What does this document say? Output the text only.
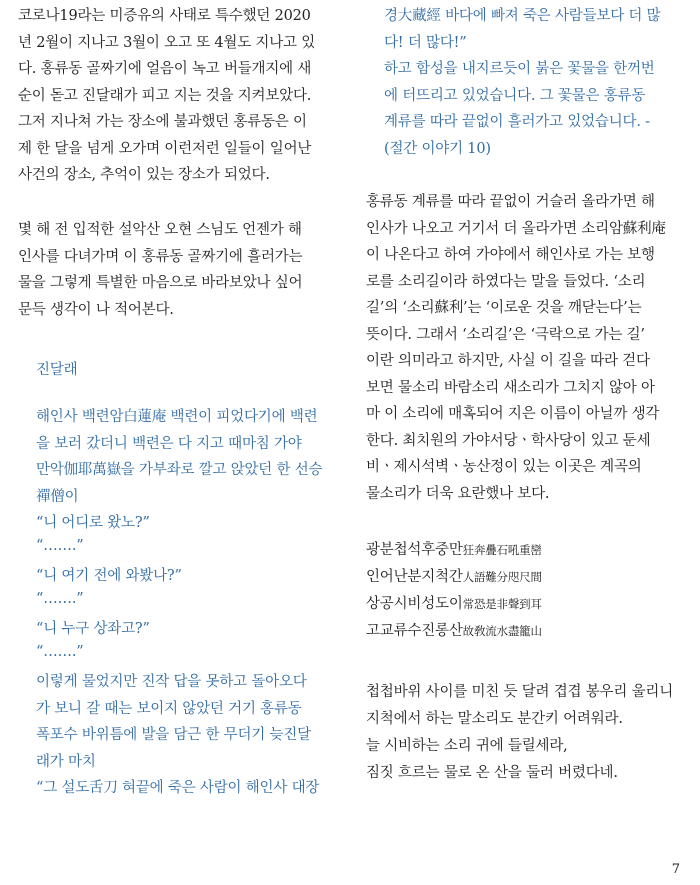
코로나19라는 미증유의 사태로 특수했던 2020
년 2월이 지나고 3월이 오고 또 4월도 지나고 있
다. 홍류동 골짜기에 얼음이 녹고 버들개지에 새
순이 돋고 진달래가 피고 지는 것을 지켜보았다.
그저 지나쳐 가는 장소에 불과했던 홍류동은 이
제 한 달을 넘게 오가며 이런저런 일들이 일어난
사건의 장소, 추억이 있는 장소가 되었다.
몇 해 전 입적한 설악산 오현 스님도 언젠가 해
인사를 다녀가며 이 홍류동 골짜기에 흘러가는
물을 그렇게 특별한 마음으로 바라보았나 싶어
문득 생각이 나 적어본다.
진달래
해인사 백련암白蓮庵 백련이 피었다기에 백련
을 보러 갔더니 백련은 다 지고 때마침 가야
만악伽耶萬嶽을 가부좌로 깔고 앉았던 한 선승
禪僧이
“니 어디로 왔노?”
“…….”
“니 여기 전에 와봤나?”
“…….”
“니 누구 상좌고?”
“…….”
이렇게 물었지만 진작 답을 못하고 돌아오다
가 보니 갈 때는 보이지 않았던 거기 홍류동
폭포수 바위틈에 발을 담근 한 무더기 늦진달
래가 마치
“그 설도舌刀 혀끝에 죽은 사람이 해인사 대장
경大藏經 바다에 빠져 죽은 사람들보다 더 많
다! 더 많다!”
하고 함성을 내지르듯이 붉은 꽃물을 한꺼번
에 터뜨리고 있었습니다. 그 꽃물은 홍류동
계류를 따라 끝없이 흘러가고 있었습니다. -
(절간 이야기 10)
홍류동 계류를 따라 끝없이 거슬러 올라가면 해
인사가 나오고 거기서 더 올라가면 소리암蘇利庵
이 나온다고 하여 가야에서 해인사로 가는 보행
로를 소리길이라 하였다는 말을 들었다. ‘소리
길’의 ‘소리蘇利’는 ‘이로운 것을 깨닫는다’는
뜻이다. 그래서 ‘소리길’은 ‘극락으로 가는 길’
이란 의미라고 하지만, 사실 이 길을 따라 걷다
보면 물소리 바람소리 새소리가 그치지 않아 아
마 이 소리에 매혹되어 지은 이름이 아닐까 생각
한다. 최치원의 가야서당ㆍ학사당이 있고 둔세
비ㆍ제시석벽ㆍ농산정이 있는 이곳은 계곡의
물소리가 더욱 요란했나 보다.
광분첩석후중만狂奔疊石吼重巒
인어난분지척간人語難分咫尺間
상공시비성도이常恐是非聲到耳
고교류수진롱산故敎流水盡籠山
첩첩바위 사이를 미친 듯 달려 겹겹 봉우리 울리니
지척에서 하는 말소리도 분간키 어려워라.
늘 시비하는 소리 귀에 들릴세라,
짐짓 흐르는 물로 온 산을 둘러 버렸다네.
7
